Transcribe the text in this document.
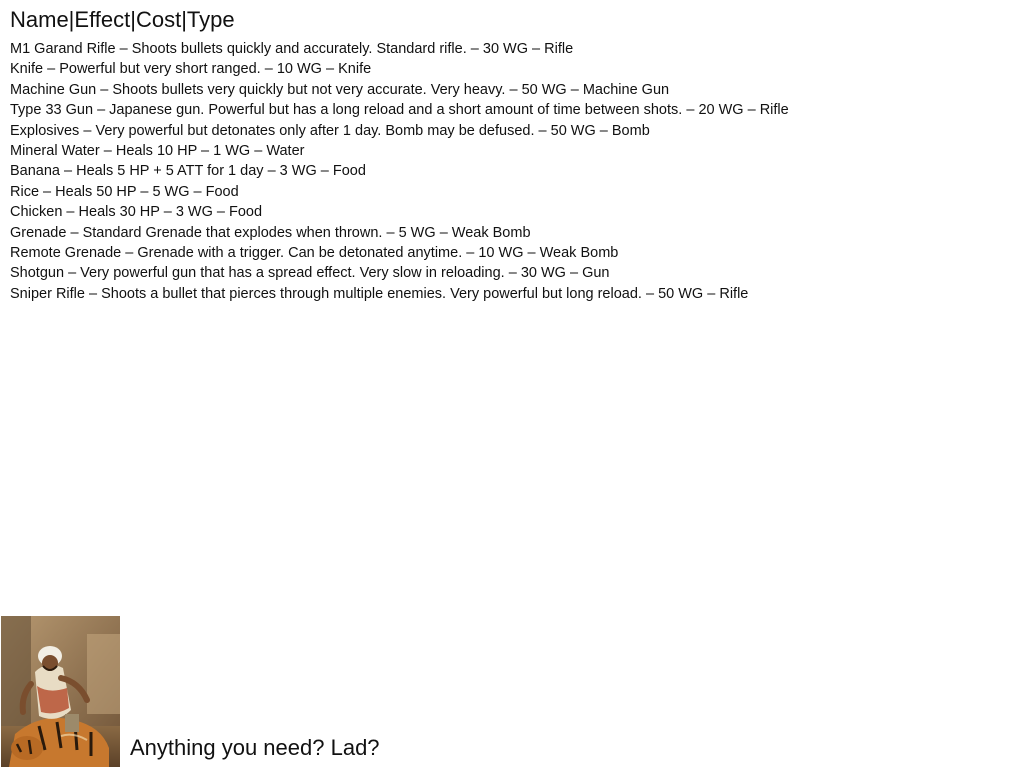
Name|Effect|Cost|Type
M1 Garand Rifle – Shoots bullets quickly and accurately. Standard rifle. – 30 WG – Rifle
Knife – Powerful but very short ranged. – 10 WG – Knife
Machine Gun – Shoots bullets very quickly but not very accurate. Very heavy. – 50 WG – Machine Gun
Type 33 Gun – Japanese gun. Powerful but has a long reload and a short amount of time between shots. – 20 WG – Rifle
Explosives – Very powerful but detonates only after 1 day. Bomb may be defused. – 50 WG – Bomb
Mineral Water – Heals 10 HP – 1 WG – Water
Banana – Heals 5 HP + 5 ATT for 1 day – 3 WG – Food
Rice – Heals 50 HP – 5 WG – Food
Chicken – Heals 30 HP – 3 WG – Food
Grenade – Standard Grenade that explodes when thrown. – 5 WG – Weak Bomb
Remote Grenade – Grenade with a trigger. Can be detonated anytime. – 10 WG – Weak Bomb
Shotgun – Very powerful gun that has a spread effect. Very slow in reloading. – 30 WG – Gun
Sniper Rifle – Shoots a bullet that pierces through multiple enemies. Very powerful but long reload. – 50 WG – Rifle
Anything you need? Lad?
